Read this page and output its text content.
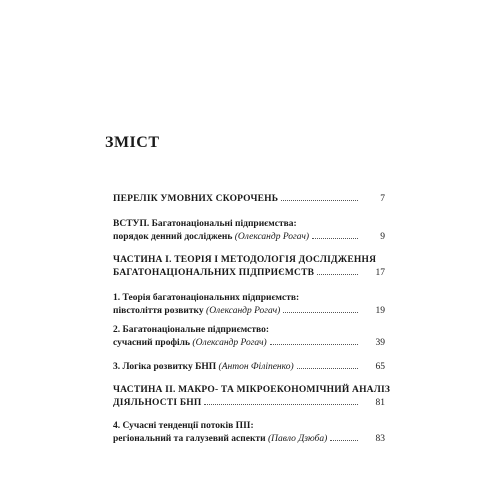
ЗМІСТ
ПЕРЕЛІК УМОВНИХ СКОРОЧЕНЬ	7
ВСТУП. Багатонаціональні підприємства:
порядок денний досліджень (Олександр Рогач)	9
ЧАСТИНА І. ТЕОРІЯ І МЕТОДОЛОГІЯ ДОСЛІДЖЕННЯ
БАГАТОНАЦІОНАЛЬНИХ ПІДПРИЄМСТВ	17
1. Теорія багатонаціональних підприємств:
півстоліття розвитку (Олександр Рогач)	19
2. Багатонаціональне підприємство:
сучасний профіль (Олександр Рогач)	39
3. Логіка розвитку БНП (Антон Філіпенко)	65
ЧАСТИНА ІІ. МАКРО- ТА МІКРОЕКОНОМІЧНИЙ АНАЛІЗ
ДІЯЛЬНОСТІ БНП	81
4. Сучасні тенденції потоків ПІІ:
регіональний та галузевий аспекти (Павло Дзюба)	83
